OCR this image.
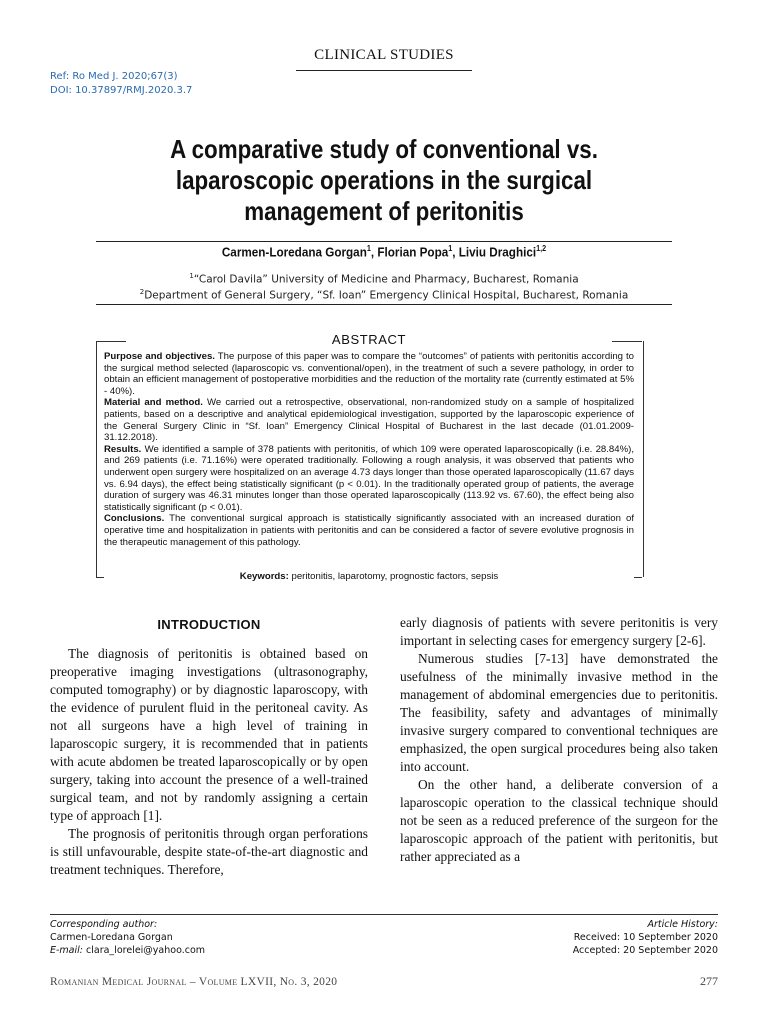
CLINICAL STUDIES
Ref: Ro Med J. 2020;67(3)
DOI: 10.37897/RMJ.2020.3.7
A comparative study of conventional vs.
laparoscopic operations in the surgical
management of peritonitis
Carmen-Loredana Gorgan$^1$, Florian Popa$^1$, Liviu Draghici$^{1,2}$
$^1$“Carol Davila” University of Medicine and Pharmacy, Bucharest, Romania
$^2$Department of General Surgery, “Sf. Ioan” Emergency Clinical Hospital, Bucharest, Romania
ABSTRACT

Purpose and objectives. The purpose of this paper was to compare the “outcomes” of patients with peritonitis according to the surgical method selected (laparoscopic vs. conventional/open), in the treatment of such a severe pathology, in order to obtain an efficient management of postoperative morbidities and the reduction of the mortality rate (currently estimated at 5% - 40%).

Material and method. We carried out a retrospective, observational, non-randomized study on a sample of hospitalized patients, based on a descriptive and analytical epidemiological investigation, supported by the laparoscopic experience of the General Surgery Clinic in “Sf. Ioan” Emergency Clinical Hospital of Bucharest in the last decade (01.01.2009-31.12.2018).

Results. We identified a sample of 378 patients with peritonitis, of which 109 were operated laparoscopically (i.e. 28.84%), and 269 patients (i.e. 71.16%) were operated traditionally. Following a rough analysis, it was observed that patients who underwent open surgery were hospitalized on an average 4.73 days longer than those operated laparoscopically (11.67 days vs. 6.94 days), the effect being statistically significant (p < 0.01). In the traditionally operated group of patients, the average duration of surgery was 46.31 minutes longer than those operated laparoscopically (113.92 vs. 67.60), the effect being also statistically significant (p < 0.01).

Conclusions. The conventional surgical approach is statistically significantly associated with an increased duration of operative time and hospitalization in patients with peritonitis and can be considered a factor of severe evolutive prognosis in the therapeutic management of this pathology.

Keywords: peritonitis, laparotomy, prognostic factors, sepsis
INTRODUCTION

The diagnosis of peritonitis is obtained based on preoperative imaging investigations (ultrasonography, computed tomography) or by diagnostic laparoscopy, with the evidence of purulent fluid in the peritoneal cavity. As not all surgeons have a high level of training in laparoscopic surgery, it is recommended that in patients with acute abdomen be treated laparoscopically or by open surgery, taking into account the presence of a well-trained surgical team, and not by randomly assigning a certain type of approach [1].

The prognosis of peritonitis through organ perforations is still unfavourable, despite state-of-the-art diagnostic and treatment techniques. Therefore,

early diagnosis of patients with severe peritonitis is very important in selecting cases for emergency surgery [2-6].

Numerous studies [7-13] have demonstrated the usefulness of the minimally invasive method in the management of abdominal emergencies due to peritonitis. The feasibility, safety and advantages of minimally invasive surgery compared to conventional techniques are emphasized, the open surgical procedures being also taken into account.

On the other hand, a deliberate conversion of a laparoscopic operation to the classical technique should not be seen as a reduced preference of the surgeon for the laparoscopic approach of the patient with peritonitis, but rather appreciated as a

Corresponding author:
Carmen-Loredana Gorgan
E-mail: clara_lorelei@yahoo.com
Article History:
Received: 10 September 2020
Accepted: 20 September 2020
Romanian Medical Journal – Volume LXVII, No. 3, 2020	277
